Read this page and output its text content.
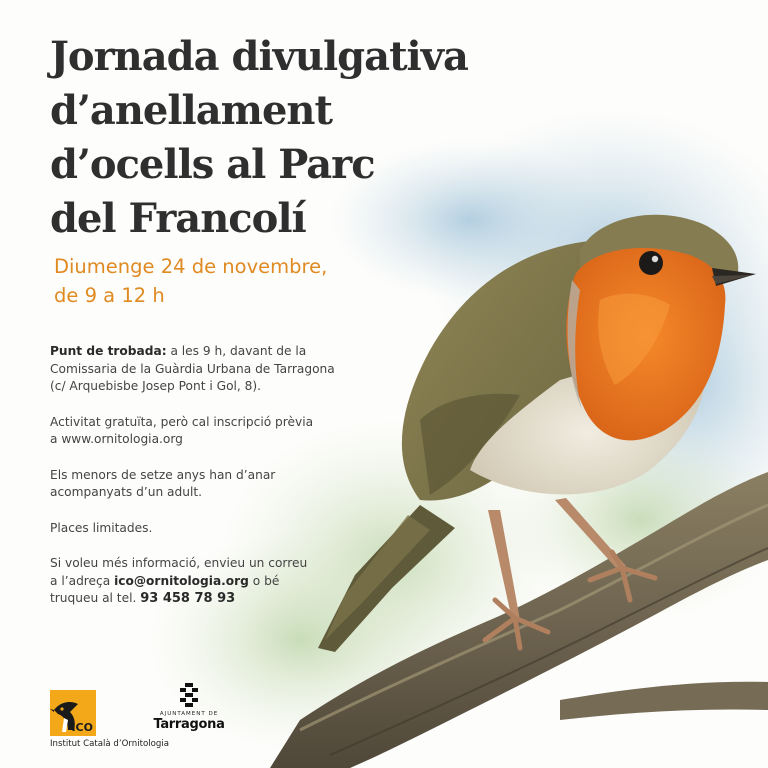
Jornada divulgativa
d’anellament
d’ocells al Parc
del Francolí
Diumenge 24 de novembre,
de 9 a 12 h

Punt de trobada: a les 9 h, davant de la
Comissaria de la Guàrdia Urbana de Tarragona
(c/ Arquebisbe Josep Pont i Gol, 8).

Activitat gratuïta, però cal inscripció prèvia
a www.ornitologia.org

Els menors de setze anys han d’anar
acompanyats d’un adult.

Places limitades.

Si voleu més informació, envieu un correu
a l’adreça ico@ornitologia.org o bé
truqueu al tel. 93 458 78 93

ICO
Institut Català d’Ornitologia
AJUNTAMENT DE
Tarragona
